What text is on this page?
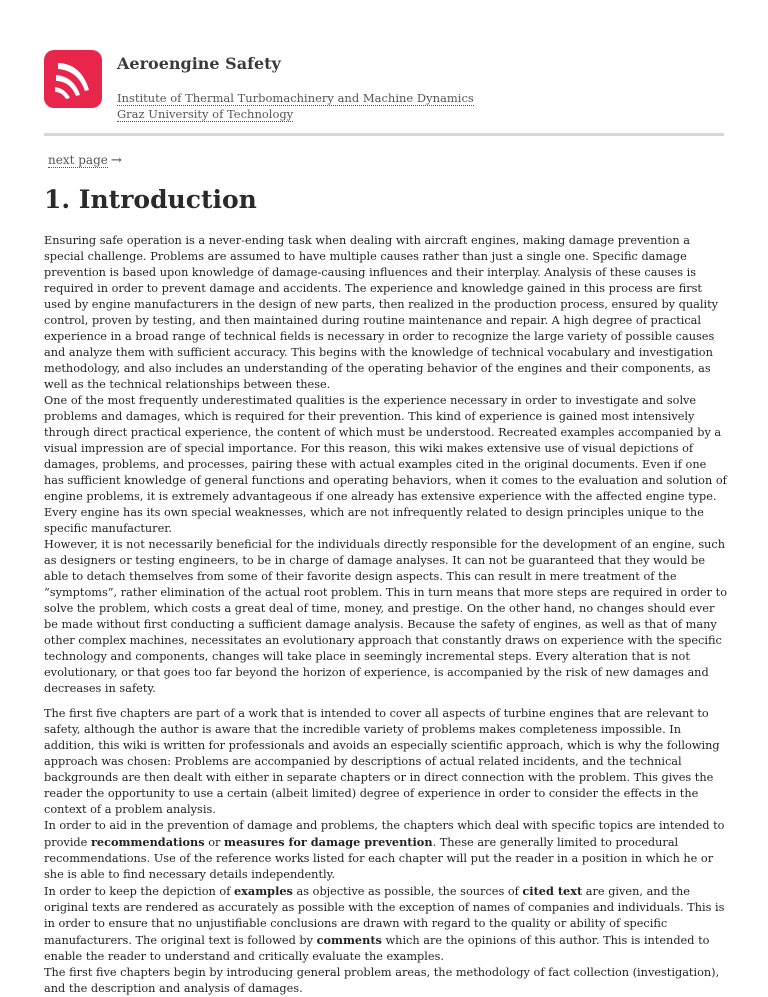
Aeroengine Safety
Institute of Thermal Turbomachinery and Machine Dynamics
Graz University of Technology
next page →
1. Introduction

Ensuring safe operation is a never-ending task when dealing with aircraft engines, making damage prevention a special challenge. Problems are assumed to have multiple causes rather than just a single one. Specific damage prevention is based upon knowledge of damage-causing influences and their interplay. Analysis of these causes is required in order to prevent damage and accidents. The experience and knowledge gained in this process are first used by engine manufacturers in the design of new parts, then realized in the production process, ensured by quality control, proven by testing, and then maintained during routine maintenance and repair. A high degree of practical experience in a broad range of technical fields is necessary in order to recognize the large variety of possible causes and analyze them with sufficient accuracy. This begins with the knowledge of technical vocabulary and investigation methodology, and also includes an understanding of the operating behavior of the engines and their components, as well as the technical relationships between these.

One of the most frequently underestimated qualities is the experience necessary in order to investigate and solve problems and damages, which is required for their prevention. This kind of experience is gained most intensively through direct practical experience, the content of which must be understood. Recreated examples accompanied by a visual impression are of special importance. For this reason, this wiki makes extensive use of visual depictions of damages, problems, and processes, pairing these with actual examples cited in the original documents. Even if one has sufficient knowledge of general functions and operating behaviors, when it comes to the evaluation and solution of engine problems, it is extremely advantageous if one already has extensive experience with the affected engine type. Every engine has its own special weaknesses, which are not infrequently related to design principles unique to the specific manufacturer.

However, it is not necessarily beneficial for the individuals directly responsible for the development of an engine, such as designers or testing engineers, to be in charge of damage analyses. It can not be guaranteed that they would be able to detach themselves from some of their favorite design aspects. This can result in mere treatment of the “symptoms”, rather elimination of the actual root problem. This in turn means that more steps are required in order to solve the problem, which costs a great deal of time, money, and prestige. On the other hand, no changes should ever be made without first conducting a sufficient damage analysis. Because the safety of engines, as well as that of many other complex machines, necessitates an evolutionary approach that constantly draws on experience with the specific technology and components, changes will take place in seemingly incremental steps. Every alteration that is not evolutionary, or that goes too far beyond the horizon of experience, is accompanied by the risk of new damages and decreases in safety.

The first five chapters are part of a work that is intended to cover all aspects of turbine engines that are relevant to safety, although the author is aware that the incredible variety of problems makes completeness impossible. In addition, this wiki is written for professionals and avoids an especially scientific approach, which is why the following approach was chosen: Problems are accompanied by descriptions of actual related incidents, and the technical backgrounds are then dealt with either in separate chapters or in direct connection with the problem. This gives the reader the opportunity to use a certain (albeit limited) degree of experience in order to consider the effects in the context of a problem analysis.

In order to aid in the prevention of damage and problems, the chapters which deal with specific topics are intended to provide recommendations or measures for damage prevention. These are generally limited to procedural recommendations. Use of the reference works listed for each chapter will put the reader in a position in which he or she is able to find necessary details independently.

In order to keep the depiction of examples as objective as possible, the sources of cited text are given, and the original texts are rendered as accurately as possible with the exception of names of companies and individuals. This is in order to ensure that no unjustifiable conclusions are drawn with regard to the quality or ability of specific manufacturers. The original text is followed by comments which are the opinions of this author. This is intended to enable the reader to understand and critically evaluate the examples.

The first five chapters begin by introducing general problem areas, the methodology of fact collection (investigation), and the description and analysis of damages.
